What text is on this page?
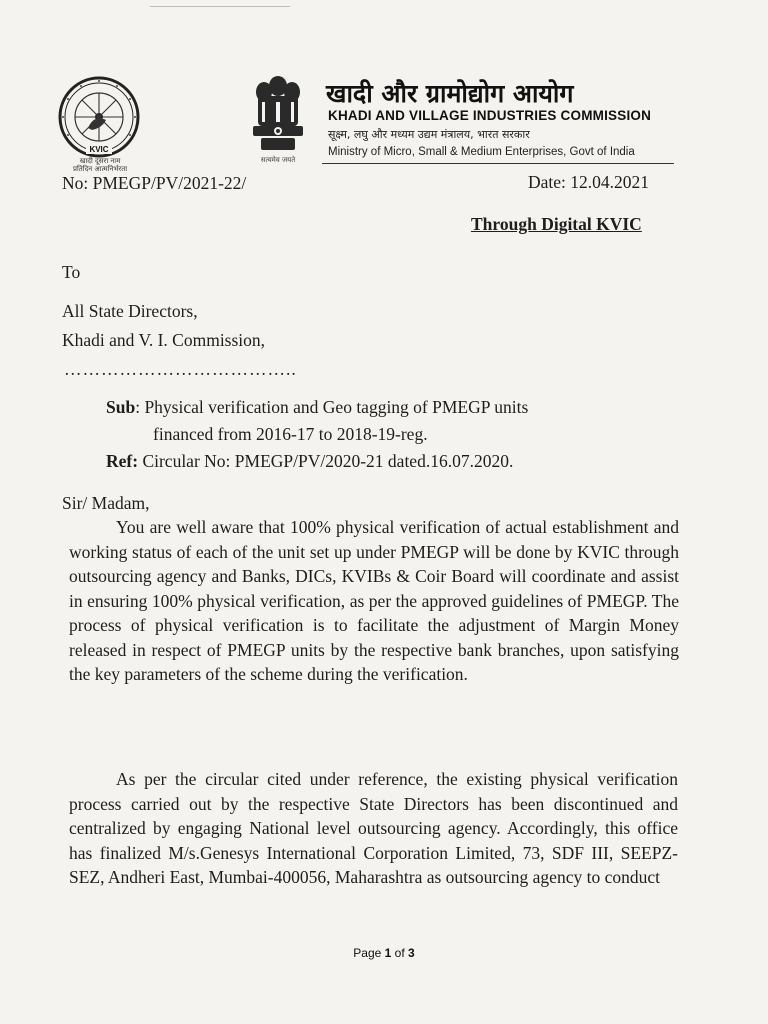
KVIC
खादी दूसरा नाम
प्रतिदिन आत्मनिर्भरता
सत्यमेव जयते
खादी और ग्रामोद्योग आयोग
KHADI AND VILLAGE INDUSTRIES COMMISSION
सूक्ष्म, लघु और मध्यम उद्यम मंत्रालय, भारत सरकार
Ministry of Micro, Small & Medium Enterprises, Govt of India
No: PMEGP/PV/2021-22/	Date: 12.04.2021
Through Digital KVIC
To
All State Directors,
Khadi and V. I. Commission,
………………………………..
Sub: Physical verification and Geo tagging of PMEGP units
financed from 2016-17 to 2018-19-reg.
Ref: Circular No: PMEGP/PV/2020-21 dated.16.07.2020.
Sir/ Madam,

You are well aware that 100% physical verification of actual establishment and working status of each of the unit set up under PMEGP will be done by KVIC through outsourcing agency and Banks, DICs, KVIBs & Coir Board will coordinate and assist in ensuring 100% physical verification, as per the approved guidelines of PMEGP. The process of physical verification is to facilitate the adjustment of Margin Money released in respect of PMEGP units by the respective bank branches, upon satisfying the key parameters of the scheme during the verification.

As per the circular cited under reference, the existing physical verification process carried out by the respective State Directors has been discontinued and centralized by engaging National level outsourcing agency. Accordingly, this office has finalized M/s.Genesys International Corporation Limited, 73, SDF III, SEEPZ-SEZ, Andheri East, Mumbai-400056, Maharashtra as outsourcing agency to conduct

Page 1 of 3
